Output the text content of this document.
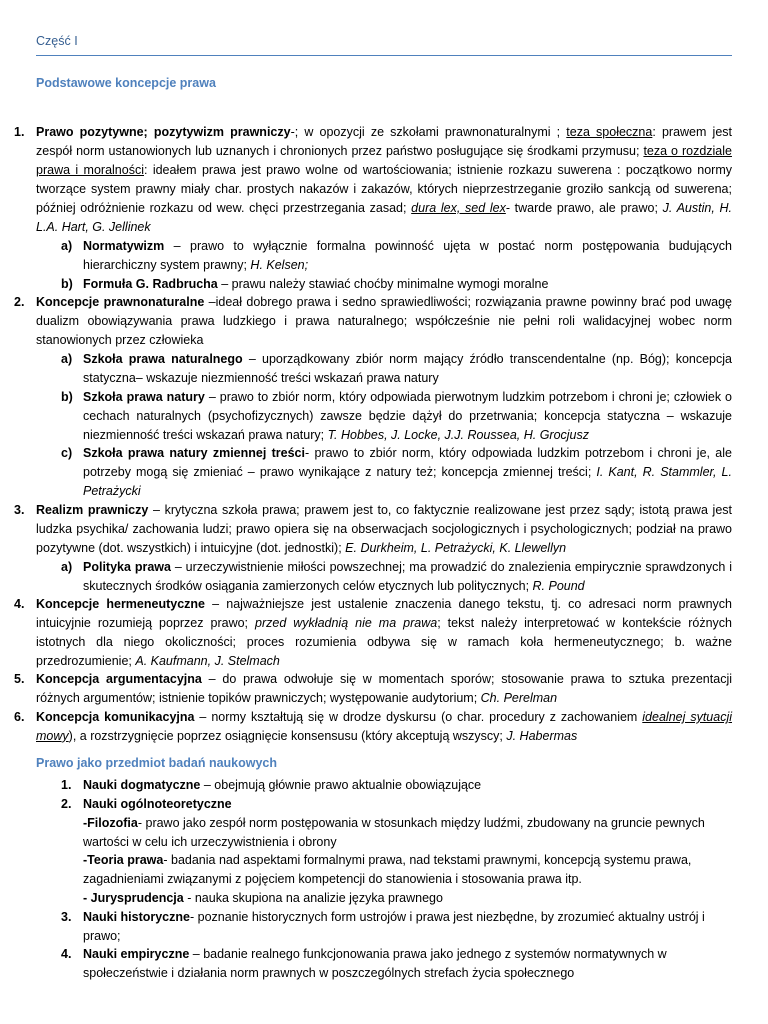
Część I
Podstawowe koncepcje prawa
1. Prawo pozytywne; pozytywizm prawniczy-; w opozycji ze szkołami prawnonaturalnymi ; teza społeczna: prawem jest zespół norm ustanowionych lub uznanych i chronionych przez państwo posługujące się środkami przymusu; teza o rozdziale prawa i moralności: ideałem prawa jest prawo wolne od wartościowania; istnienie rozkazu suwerena : początkowo normy tworzące system prawny miały char. prostych nakazów i zakazów, których nieprzestrzeganie groziło sankcją od suwerena; później odróżnienie rozkazu od wew. chęci przestrzegania zasad; dura lex, sed lex- twarde prawo, ale prawo; J. Austin, H. L.A. Hart, G. Jellinek
a) Normatywizm – prawo to wyłącznie formalna powinność ujęta w postać norm postępowania budujących hierarchiczny system prawny; H. Kelsen;
b) Formuła G. Radbrucha – prawu należy stawiać choćby minimalne wymogi moralne
2. Koncepcje prawnonaturalne –ideał dobrego prawa i sedno sprawiedliwości; rozwiązania prawne powinny brać pod uwagę dualizm obowiązywania prawa ludzkiego i prawa naturalnego; współcześnie nie pełni roli walidacyjnej wobec norm stanowionych przez człowieka
a) Szkoła prawa naturalnego – uporządkowany zbiór norm mający źródło transcendentalne (np. Bóg); koncepcja statyczna– wskazuje niezmienność treści wskazań prawa natury
b) Szkoła prawa natury – prawo to zbiór norm, który odpowiada pierwotnym ludzkim potrzebom i chroni je; człowiek o cechach naturalnych (psychofizycznych) zawsze będzie dążył do przetrwania; koncepcja statyczna – wskazuje niezmienność treści wskazań prawa natury; T. Hobbes, J. Locke, J.J. Roussea, H. Grocjusz
c) Szkoła prawa natury zmiennej treści- prawo to zbiór norm, który odpowiada ludzkim potrzebom i chroni je, ale potrzeby mogą się zmieniać – prawo wynikające z natury też; koncepcja zmiennej treści; I. Kant, R. Stammler, L. Petrażycki
3. Realizm prawniczy – krytyczna szkoła prawa; prawem jest to, co faktycznie realizowane jest przez sądy; istotą prawa jest ludzka psychika/ zachowania ludzi; prawo opiera się na obserwacjach socjologicznych i psychologicznych; podział na prawo pozytywne (dot. wszystkich) i intuicyjne (dot. jednostki); E. Durkheim, L. Petrażycki, K. Llewellyn
a) Polityka prawa – urzeczywistnienie miłości powszechnej; ma prowadzić do znalezienia empirycznie sprawdzonych i skutecznych środków osiągania zamierzonych celów etycznych lub politycznych; R. Pound
4. Koncepcje hermeneutyczne – najważniejsze jest ustalenie znaczenia danego tekstu, tj. co adresaci norm prawnych intuicyjnie rozumieją poprzez prawo; przed wykładnią nie ma prawa; tekst należy interpretować w kontekście różnych istotnych dla niego okoliczności; proces rozumienia odbywa się w ramach koła hermeneutycznego; b. ważne przedrozumienie; A. Kaufmann, J. Stelmach
5. Koncepcja argumentacyjna – do prawa odwołuje się w momentach sporów; stosowanie prawa to sztuka prezentacji różnych argumentów; istnienie topików prawniczych; występowanie audytorium; Ch. Perelman
6. Koncepcja komunikacyjna – normy kształtują się w drodze dyskursu (o char. procedury z zachowaniem idealnej sytuacji mowy), a rozstrzygnięcie poprzez osiągnięcie konsensusu (który akceptują wszyscy; J. Habermas
Prawo jako przedmiot badań naukowych
1. Nauki dogmatyczne – obejmują głównie prawo aktualnie obowiązujące
2. Nauki ogólnoteoretyczne
-Filozofia- prawo jako zespół norm postępowania w stosunkach między ludźmi, zbudowany na gruncie pewnych wartości w celu ich urzeczywistnienia i obrony
-Teoria prawa- badania nad aspektami formalnymi prawa, nad tekstami prawnymi, koncepcją systemu prawa, zagadnieniami związanymi z pojęciem kompetencji do stanowienia i stosowania prawa itp.
- Jurysprudencja - nauka skupiona na analizie języka prawnego
3. Nauki historyczne- poznanie historycznych form ustrojów i prawa jest niezbędne, by zrozumieć aktualny ustrój i prawo;
4. Nauki empiryczne – badanie realnego funkcjonowania prawa jako jednego z systemów normatywnych w społeczeństwie i działania norm prawnych w poszczególnych strefach życia społecznego
